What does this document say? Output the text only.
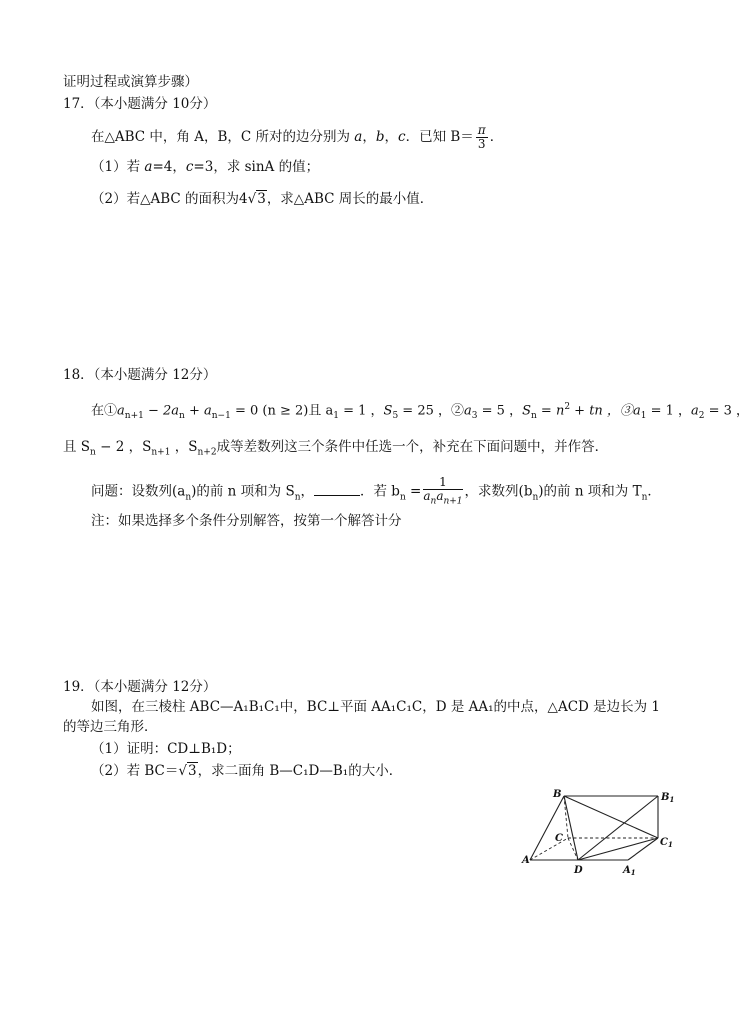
证明过程或演算步骤）
17．（本小题满分 10分）
在△ABC 中，角 A，B，C 所对的边分别为 a，b，c．已知 $B= \frac{\pi}{3}$ ．
（1）若 a=4，c=3，求 sinA 的值；
（2）若△ABC 的面积为4√3，求△ABC 周长的最小值．
18．（本小题满分 12分）
在$①a_{n+1} - 2a_n + a_{n-1} = 0$ (n ≥ 2)且 $a_1 = 1$ ，$S_5 = 25$ ，$②a_3 = 5$ ，$S_n = n^2$ + tn ，$③a_1 = 1$ ，$a_2 = 3$ ，
且 $S_n - 2$ ，$S_{n+1}$ ，$S_{n+2}$成等差数列这三个条件中任选一个，补充在下面问题中，并作答．
问题：设数列$(a_n)$的前 n 项和为 $S_n$，	．若 $b_n = \frac{1}{a_na_{n+1}}$ ，求数列$(b_n)$的前 n 项和为 $T_n$．
注：如果选择多个条件分别解答，按第一个解答计分
19．（本小题满分 12分）
如图，在三棱柱 ABC—A₁B₁C₁中，BC⊥平面 AA₁C₁C，D 是 AA₁的中点，△ACD 是边长为 1
的等边三角形．
（1）证明：CD⊥B₁D；
（2）若 BC＝√3，求二面角 B—C₁D—B₁的大小．
B	$B_1$
C	$C_1$
A
D	$A_1$
